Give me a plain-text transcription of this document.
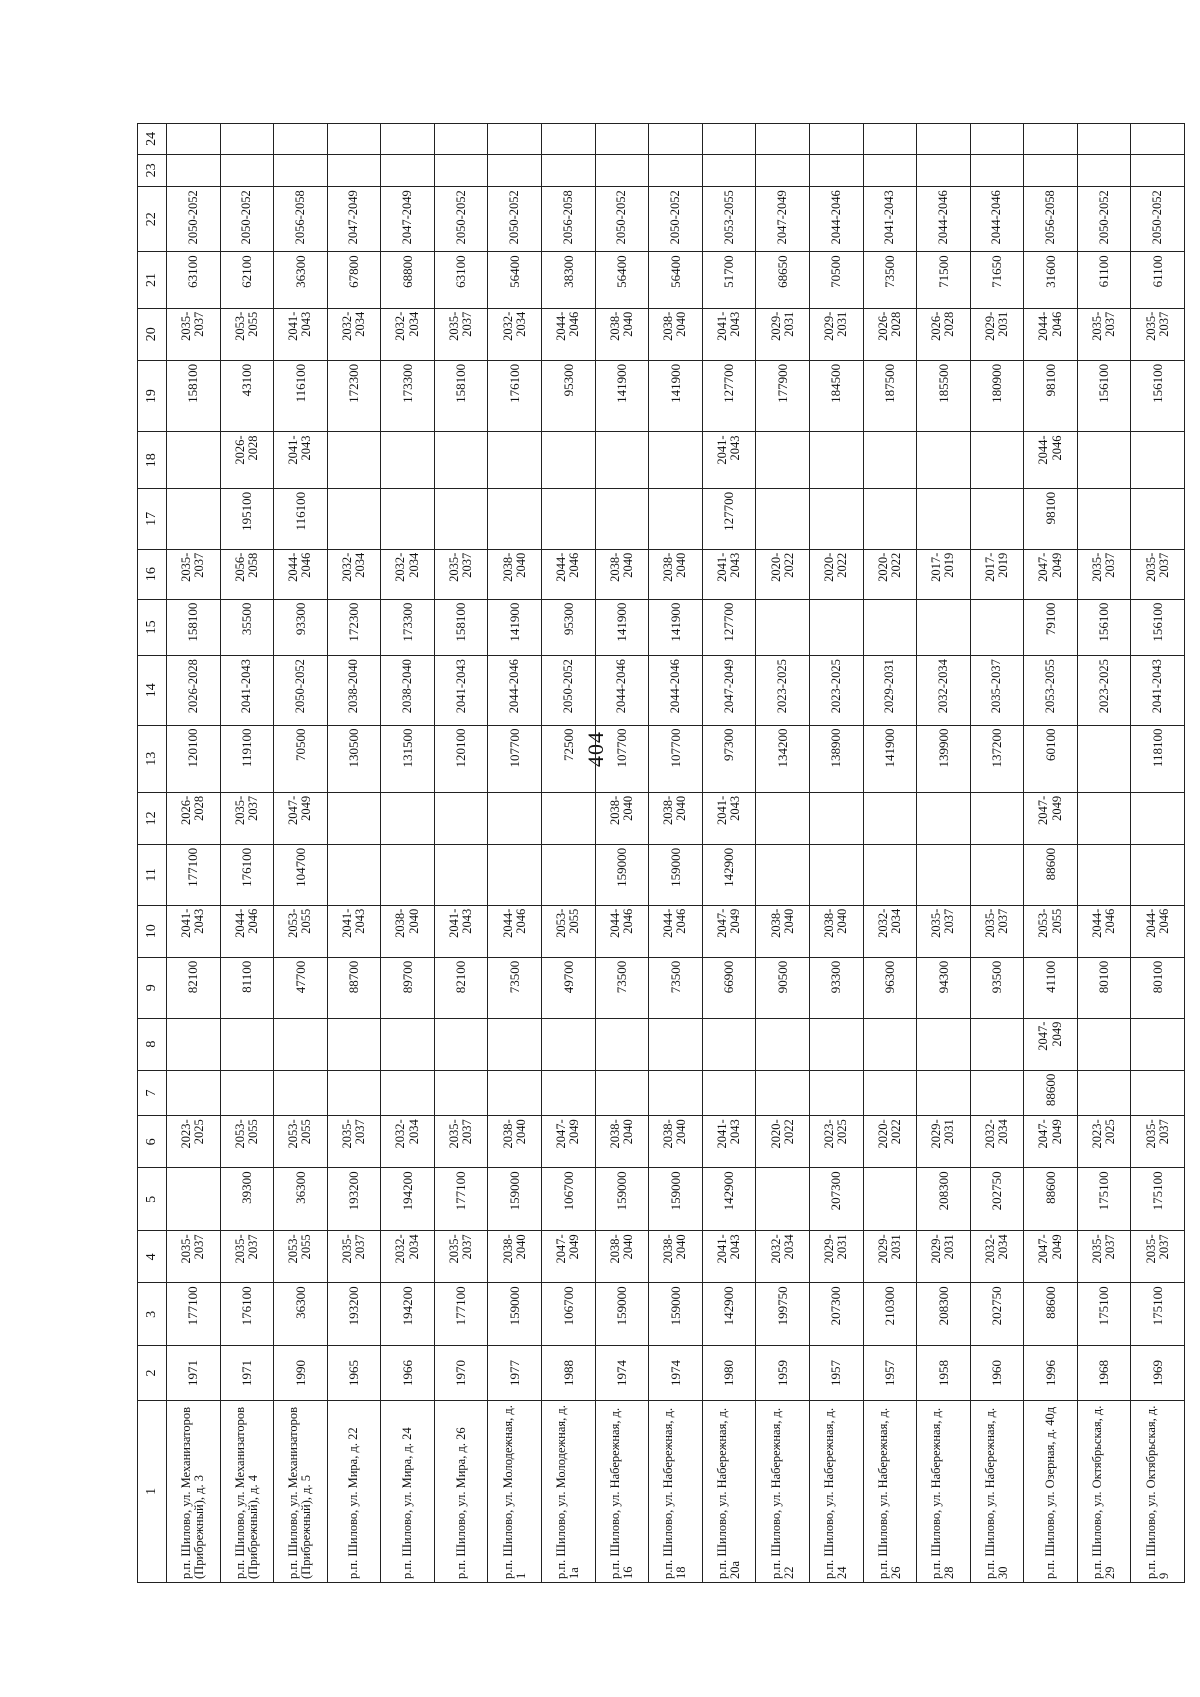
404
1	2	3	4	5	6	7	8	9	10	11	12	13	14	15	16	17	18	19	20	21	22	23	24
р.п. Шилово, ул. Механизаторов (Прибрежный), д. 3	1971	177100	2035-2037		2023-2025			82100	2041-2043	177100	2026-2028	120100	2026-2028	158100	2035-2037			158100	2035-2037	63100	2050-2052		
р.п. Шилово, ул. Механизаторов (Прибрежный), д. 4	1971	176100	2035-2037	39300	2053-2055			81100	2044-2046	176100	2035-2037	119100	2041-2043	35500	2056-2058	195100	2026-2028	43100	2053-2055	62100	2050-2052		
р.п. Шилово, ул. Механизаторов (Прибрежный), д. 5	1990	36300	2053-2055	36300	2053-2055			47700	2053-2055	104700	2047-2049	70500	2050-2052	93300	2044-2046	116100	2041-2043	116100	2041-2043	36300	2056-2058		
р.п. Шилово, ул. Мира, д. 22	1965	193200	2035-2037	193200	2035-2037			88700	2041-2043			130500	2038-2040	172300	2032-2034			172300	2032-2034	67800	2047-2049		
р.п. Шилово, ул. Мира, д. 24	1966	194200	2032-2034	194200	2032-2034			89700	2038-2040			131500	2038-2040	173300	2032-2034			173300	2032-2034	68800	2047-2049		
р.п. Шилово, ул. Мира, д. 26	1970	177100	2035-2037	177100	2035-2037			82100	2041-2043			120100	2041-2043	158100	2035-2037			158100	2035-2037	63100	2050-2052		
р.п. Шилово, ул. Молодежная, д. 1	1977	159000	2038-2040	159000	2038-2040			73500	2044-2046			107700	2044-2046	141900	2038-2040			176100	2032-2034	56400	2050-2052		
р.п. Шилово, ул. Молодежная, д. 1а	1988	106700	2047-2049	106700	2047-2049			49700	2053-2055			72500	2050-2052	95300	2044-2046			95300	2044-2046	38300	2056-2058		
р.п. Шилово, ул. Набережная, д. 16	1974	159000	2038-2040	159000	2038-2040			73500	2044-2046	159000	2038-2040	107700	2044-2046	141900	2038-2040			141900	2038-2040	56400	2050-2052		
р.п. Шилово, ул. Набережная, д. 18	1974	159000	2038-2040	159000	2038-2040			73500	2044-2046	159000	2038-2040	107700	2044-2046	141900	2038-2040			141900	2038-2040	56400	2050-2052		
р.п. Шилово, ул. Набережная, д. 20а	1980	142900	2041-2043	142900	2041-2043			66900	2047-2049	142900	2041-2043	97300	2047-2049	127700	2041-2043	127700	2041-2043	127700	2041-2043	51700	2053-2055		
р.п. Шилово, ул. Набережная, д. 22	1959	199750	2032-2034		2020-2022			90500	2038-2040			134200	2023-2025		2020-2022			177900	2029-2031	68650	2047-2049		
р.п. Шилово, ул. Набережная, д. 24	1957	207300	2029-2031	207300	2023-2025			93300	2038-2040			138900	2023-2025		2020-2022			184500	2029-2031	70500	2044-2046		
р.п. Шилово, ул. Набережная, д. 26	1957	210300	2029-2031		2020-2022			96300	2032-2034			141900	2029-2031		2020-2022			187500	2026-2028	73500	2041-2043		
р.п. Шилово, ул. Набережная, д. 28	1958	208300	2029-2031	208300	2029-2031			94300	2035-2037			139900	2032-2034		2017-2019			185500	2026-2028	71500	2044-2046		
р.п. Шилово, ул. Набережная, д. 30	1960	202750	2032-2034	202750	2032-2034			93500	2035-2037			137200	2035-2037		2017-2019			180900	2029-2031	71650	2044-2046		
р.п. Шилово, ул. Озерная, д. 40д	1996	88600	2047-2049	88600	2047-2049	88600	2047-2049	41100	2053-2055	88600	2047-2049	60100	2053-2055	79100	2047-2049	98100	2044-2046	98100	2044-2046	31600	2056-2058		
р.п. Шилово, ул. Октябрьская, д. 29	1968	175100	2035-2037	175100	2023-2025			80100	2044-2046				2023-2025	156100	2035-2037			156100	2035-2037	61100	2050-2052		
р.п. Шилово, ул. Октябрьская, д. 9	1969	175100	2035-2037	175100	2035-2037			80100	2044-2046			118100	2041-2043	156100	2035-2037			156100	2035-2037	61100	2050-2052		
